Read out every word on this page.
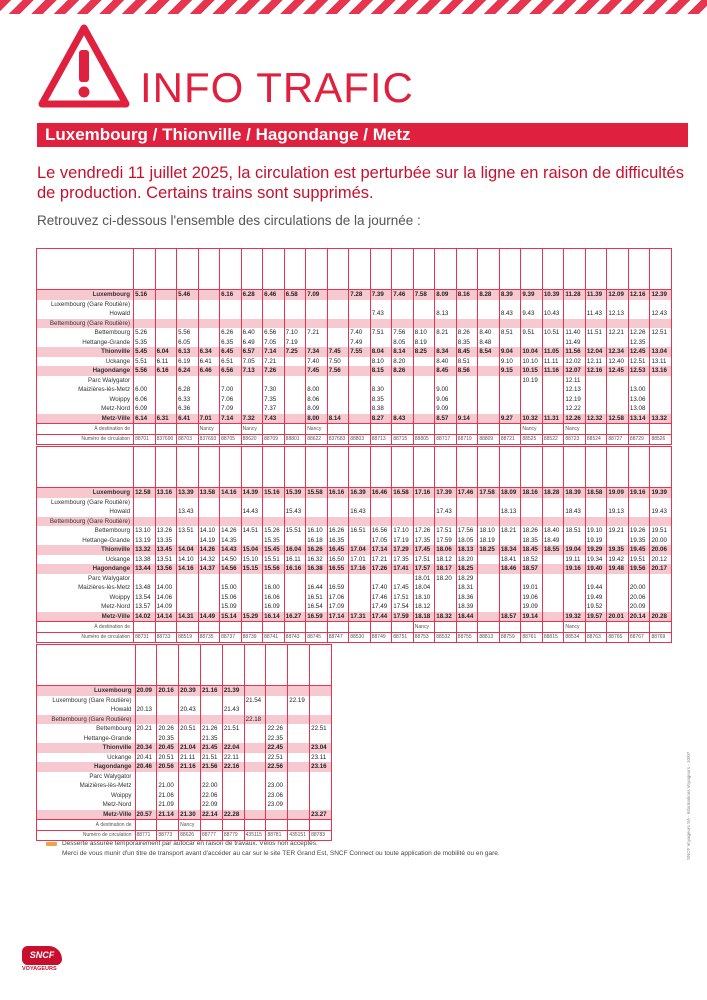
INFO TRAFIC
Luxembourg / Thionville / Hagondange / Metz
Le vendredi 11 juillet 2025, la circulation est perturbée sur la ligne en raison de difficultés de production. Certains trains sont supprimés.
Retrouvez ci-dessous l'ensemble des circulations de la journée :

Luxembourg	5.16		5.46		6.16	6.28	6.46	6.58	7.09		7.28	7.39	7.46	7.58	8.09	8.16	8.28	8.39	9.39	10.39	11.28	11.39	12.09	12.16	12.39
Luxembourg (Gare Routière)																									
Howald												7.43			8.13			8.43	9.43	10.43		11.43	12.13		12.43
Bettembourg (Gare Routière)																									
Bettembourg	5.26		5.56		6.26	6.40	6.56	7.10	7.21		7.40	7.51	7.56	8.10	8.21	8.26	8.40	8.51	9.51	10.51	11.40	11.51	12.21	12.26	12.51
Hettange-Grande	5.35		6.05		6.35	6.49	7.05	7.19			7.49		8.05	8.19		8.35	8.48				11.49			12.35	
Thionville	5.45	6.04	6.13	6.34	6.45	6.57	7.14	7.25	7.34	7.45	7.55	8.04	8.14	8.25	8.34	8.45	8.54	9.04	10.04	11.05	11.56	12.04	12.34	12.45	13.04
Uckange	5.51	6.11	6.19	6.41	6.51	7.05	7.21		7.40	7.50		8.10	8.20		8.40	8.51		9.10	10.10	11.11	12.02	12.11	12.40	12.51	13.11
Hagondange	5.56	6.16	6.24	6.46	6.56	7.13	7.26		7.45	7.56		8.15	8.26		8.45	8.56		9.15	10.15	11.16	12.07	12.16	12.45	12.53	13.16
Parc Walygator																			10.19		12.11				
Maizières-lès-Metz	6.00		6.28		7.00		7.30		8.00			8.30			9.00						12.13			13.00	
Woippy	6.06		6.33		7.06		7.35		8.06			8.35			9.06						12.19			13.06	
Metz-Nord	6.09		6.36		7.09		7.37		8.09			8.38			9.09						12.22			13.08	
Metz-Ville	6.14	6.31	6.41	7.01	7.14	7.32	7.43		8.00	8.14		8.27	8.43		8.57	9.14		9.27	10.32	11.31	12.26	12.32	12.58	13.14	13.32
À destination de				Nancy		Nancy			Nancy										Nancy		Nancy				
Numéro de circulation	88701	837690	88703	837693	88705	88620	88709	88801	88622	837683	88803	88713	88715	88805	88717	88719	88809	88721	88525	88522	88723	88524	88727	88729	88526

Luxembourg	12.58	13.16	13.39	13.58	14.16	14.39	15.16	15.39	15.58	16.16	16.39	16.46	16.58	17.16	17.39	17.46	17.58	18.09	18.16	18.28	18.39	18.58	19.09	19.16	19.39
Luxembourg (Gare Routière)																									
Howald			13.43			14.43		15.43			16.43				17.43			18.13			18.43		19.13		19.43
Bettembourg (Gare Routière)																									
Bettembourg	13.10	13.26	13.51	14.10	14.26	14.51	15.26	15.51	16.10	16.26	16.51	16.56	17.10	17.26	17.51	17.56	18.10	18.21	18.26	18.40	18.51	19.10	19.21	19.26	19.51
Hettange-Grande	13.19	13.35		14.19	14.35		15.35		16.18	16.35		17.05	17.19	17.35	17.59	18.05	18.19		18.35	18.49		19.19		19.35	20.00
Thionville	13.32	13.45	14.04	14.26	14.43	15.04	15.45	16.04	16.26	16.45	17.04	17.14	17.29	17.45	18.06	18.13	18.25	18.34	18.45	18.55	19.04	19.29	19.35	19.45	20.06
Uckange	13.38	13.51	14.10	14.32	14.50	15.10	15.51	16.11	16.32	16.50	17.01	17.21	17.35	17.51	18.12	18.20		18.41	18.52		19.11	19.34	19.42	19.51	20.12
Hagondange	13.44	13.56	14.16	14.37	14.56	15.15	15.56	16.16	16.38	16.55	17.16	17.26	17.41	17.57	18.17	18.25		18.46	18.57		19.16	19.40	19.48	19.56	20.17
Parc Walygator														18.01	18.20	18.29									
Maizières-lès-Metz	13.48	14.00			15.00		16.00		16.44	16.59		17.40	17.45	18.04		18.31			19.01			19.44		20.00	
Woippy	13.54	14.06			15.06		16.06		16.51	17.06		17.46	17.51	18.10		18.36			19.06			19.49		20.06	
Metz-Nord	13.57	14.09			15.09		16.09		16.54	17.09		17.49	17.54	18.12		18.39			19.09			19.52		20.09	
Metz-Ville	14.02	14.14	14.31	14.49	15.14	15.29	16.14	16.27	16.59	17.14	17.31	17.44	17.59	18.18	18.32	18.44		18.57	19.14		19.32	19.57	20.01	20.14	20.28
À destination de														Nancy							Nancy				
Numéro de circulation	88731	88733	88519	88735	88737	88739	88741	88743	88745	88747	88530	88749	88751	88753	88532	88755	88813	88759	88761	88815	88534	88763	88765	88767	88769

Luxembourg	20.09	20.16	20.39	21.16	21.39				
Luxembourg (Gare Routière)						21.54		22.19	
Howald	20.13		20.43		21.43				
Bettembourg (Gare Routière)						22.18			
Bettembourg	20.21	20.26	20.51	21.26	21.51		22.26		22.51
Hettange-Grande		20.35		21.35			22.35		
Thionville	20.34	20.45	21.04	21.45	22.04		22.45		23.04
Uckange	20.41	20.51	21.11	21.51	22.11		22.51		23.11
Hagondange	20.46	20.56	21.16	21.56	22.16		22.56		23.16
Parc Walygator									
Maizières-lès-Metz		21.00		22.00			23.00		
Woippy		21.06		22.06			23.06		
Metz-Nord		21.09		22.09			23.09		
Metz-Ville	20.57	21.14	21.30	22.14	22.28				23.27
À destination de			Nancy						
Numéro de circulation	88771	88773	88626	88777	88779	435115	88781	435151	88783
Desserte assurée temporairement par autocar en raison de travaux. Vélos non acceptés.
Merci de vous munir d'un titre de transport avant d'accéder au car sur le site TER Grand Est, SNCF Connect ou toute application de mobilité ou en gare.
SNCF
VOYAGEURS
SNCF Voyageurs SA - Informations Voyageurs - 10/07
